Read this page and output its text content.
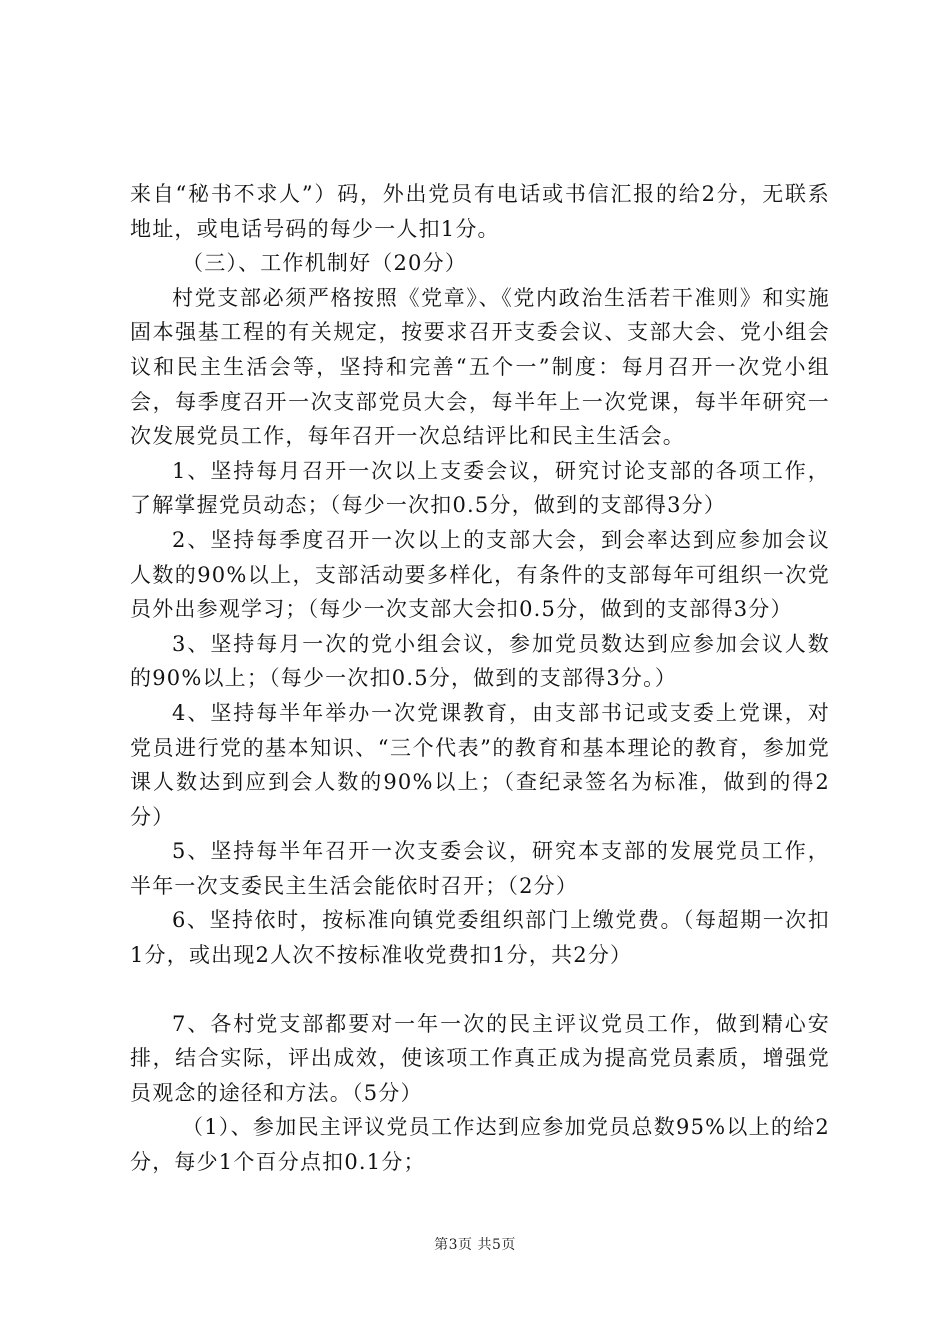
来自“秘书不求人”）码，外出党员有电话或书信汇报的给2分，无联系地址，或电话号码的每少一人扣1分。

（三）、工作机制好（20分）

村党支部必须严格按照《党章》、《党内政治生活若干准则》和实施固本强基工程的有关规定，按要求召开支委会议、支部大会、党小组会议和民主生活会等，坚持和完善“五个一”制度：每月召开一次党小组会，每季度召开一次支部党员大会，每半年上一次党课，每半年研究一次发展党员工作，每年召开一次总结评比和民主生活会。

1、坚持每月召开一次以上支委会议，研究讨论支部的各项工作，了解掌握党员动态；（每少一次扣0.5分，做到的支部得3分）

2、坚持每季度召开一次以上的支部大会，到会率达到应参加会议人数的90%以上，支部活动要多样化，有条件的支部每年可组织一次党员外出参观学习；（每少一次支部大会扣0.5分，做到的支部得3分）

3、坚持每月一次的党小组会议，参加党员数达到应参加会议人数的90%以上；（每少一次扣0.5分，做到的支部得3分。）

4、坚持每半年举办一次党课教育，由支部书记或支委上党课，对党员进行党的基本知识、“三个代表”的教育和基本理论的教育，参加党课人数达到应到会人数的90%以上；（查纪录签名为标准，做到的得2分）

5、坚持每半年召开一次支委会议，研究本支部的发展党员工作，半年一次支委民主生活会能依时召开；（2分）

6、坚持依时，按标准向镇党委组织部门上缴党费。（每超期一次扣1分，或出现2人次不按标准收党费扣1分，共2分）

7、各村党支部都要对一年一次的民主评议党员工作，做到精心安排，结合实际，评出成效，使该项工作真正成为提高党员素质，增强党员观念的途径和方法。（5分）

（1）、参加民主评议党员工作达到应参加党员总数95%以上的给2分，每少1个百分点扣0.1分；

第3页 共5页
